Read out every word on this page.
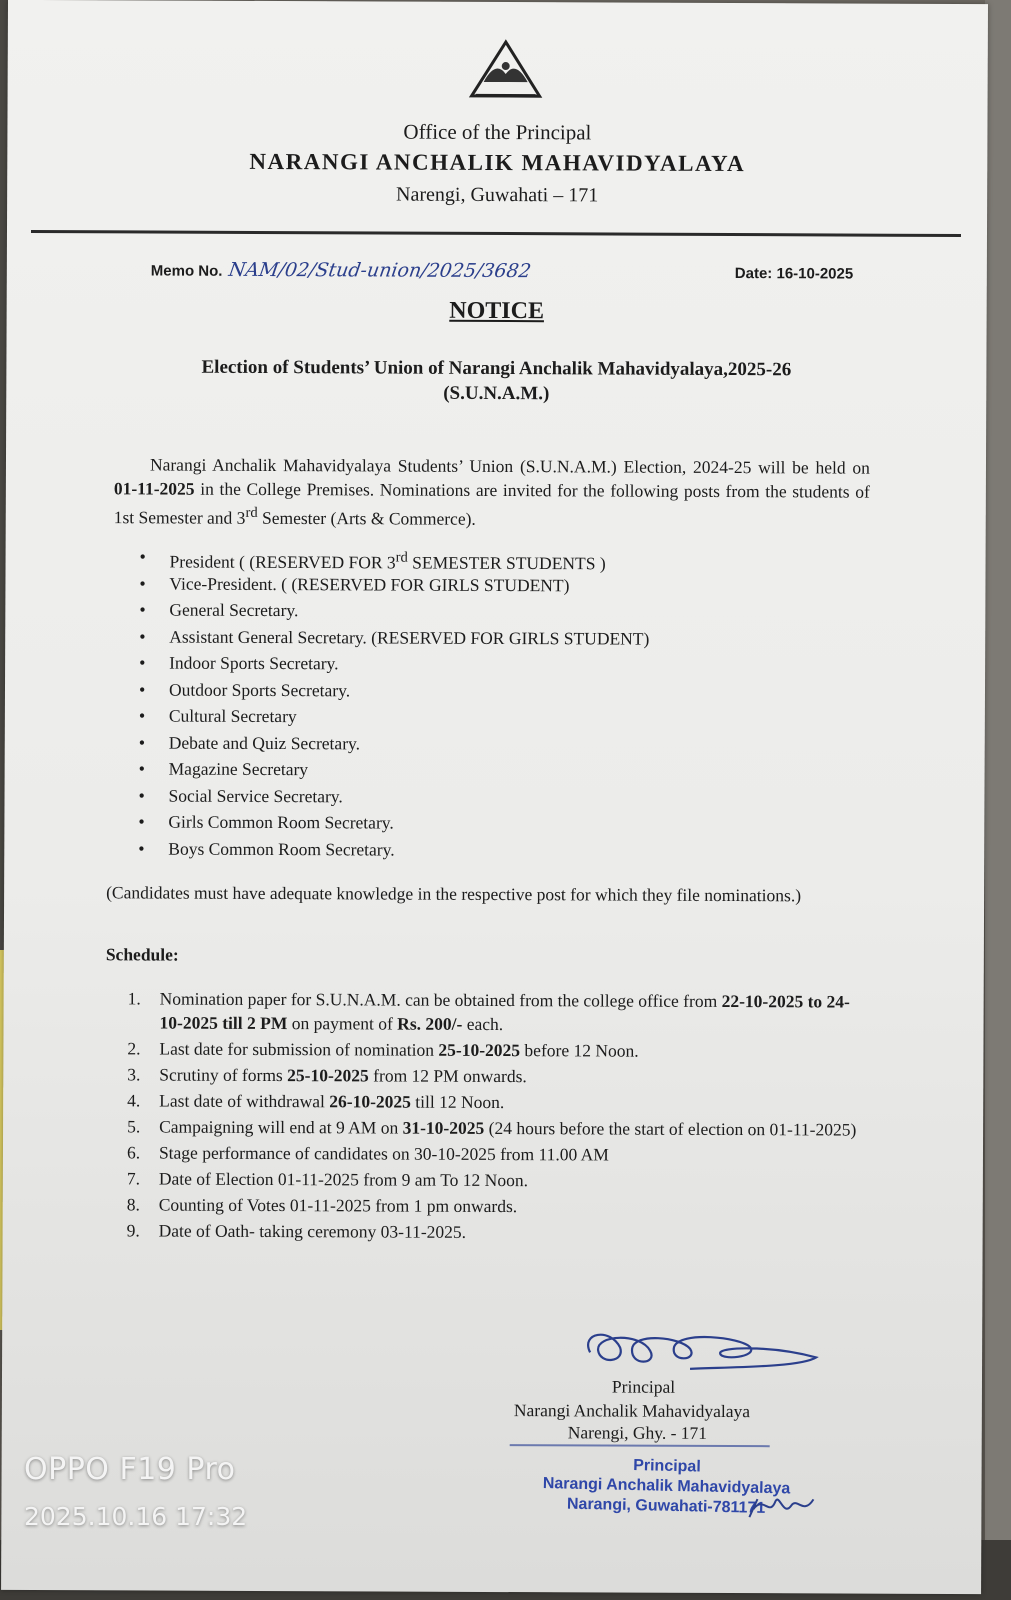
Office of the Principal
NARANGI ANCHALIK MAHAVIDYALAYA
Narengi, Guwahati – 171
Memo No. NAM/02/Stud-union/2025/3682	Date: 16-10-2025
NOTICE
Election of Students’ Union of Narangi Anchalik Mahavidyalaya,2025-26
(S.U.N.A.M.)
Narangi Anchalik Mahavidyalaya Students’ Union (S.U.N.A.M.) Election, 2024-25 will be held on 01-11-2025 in the College Premises. Nominations are invited for the following posts from the students of 1st Semester and 3rd Semester (Arts & Commerce).
• President ( (RESERVED FOR 3rd SEMESTER STUDENTS )
• Vice-President. ( (RESERVED FOR GIRLS STUDENT)
• General Secretary.
• Assistant General Secretary. (RESERVED FOR GIRLS STUDENT)
• Indoor Sports Secretary.
• Outdoor Sports Secretary.
• Cultural Secretary
• Debate and Quiz Secretary.
• Magazine Secretary
• Social Service Secretary.
• Girls Common Room Secretary.
• Boys Common Room Secretary.
(Candidates must have adequate knowledge in the respective post for which they file nominations.)
Schedule:
1. Nomination paper for S.U.N.A.M. can be obtained from the college office from 22-10-2025 to 24-10-2025 till 2 PM on payment of Rs. 200/- each.
2. Last date for submission of nomination 25-10-2025 before 12 Noon.
3. Scrutiny of forms 25-10-2025 from 12 PM onwards.
4. Last date of withdrawal 26-10-2025 till 12 Noon.
5. Campaigning will end at 9 AM on 31-10-2025 (24 hours before the start of election on 01-11-2025)
6. Stage performance of candidates on 30-10-2025 from 11.00 AM
7. Date of Election 01-11-2025 from 9 am To 12 Noon.
8. Counting of Votes 01-11-2025 from 1 pm onwards.
9. Date of Oath- taking ceremony 03-11-2025.
Principal
Narangi Anchalik Mahavidyalaya
Narengi, Ghy. - 171
Principal
Narangi Anchalik Mahavidyalaya
Narangi, Guwahati-781171
OPPO F19 Pro
2025.10.16 17:32
